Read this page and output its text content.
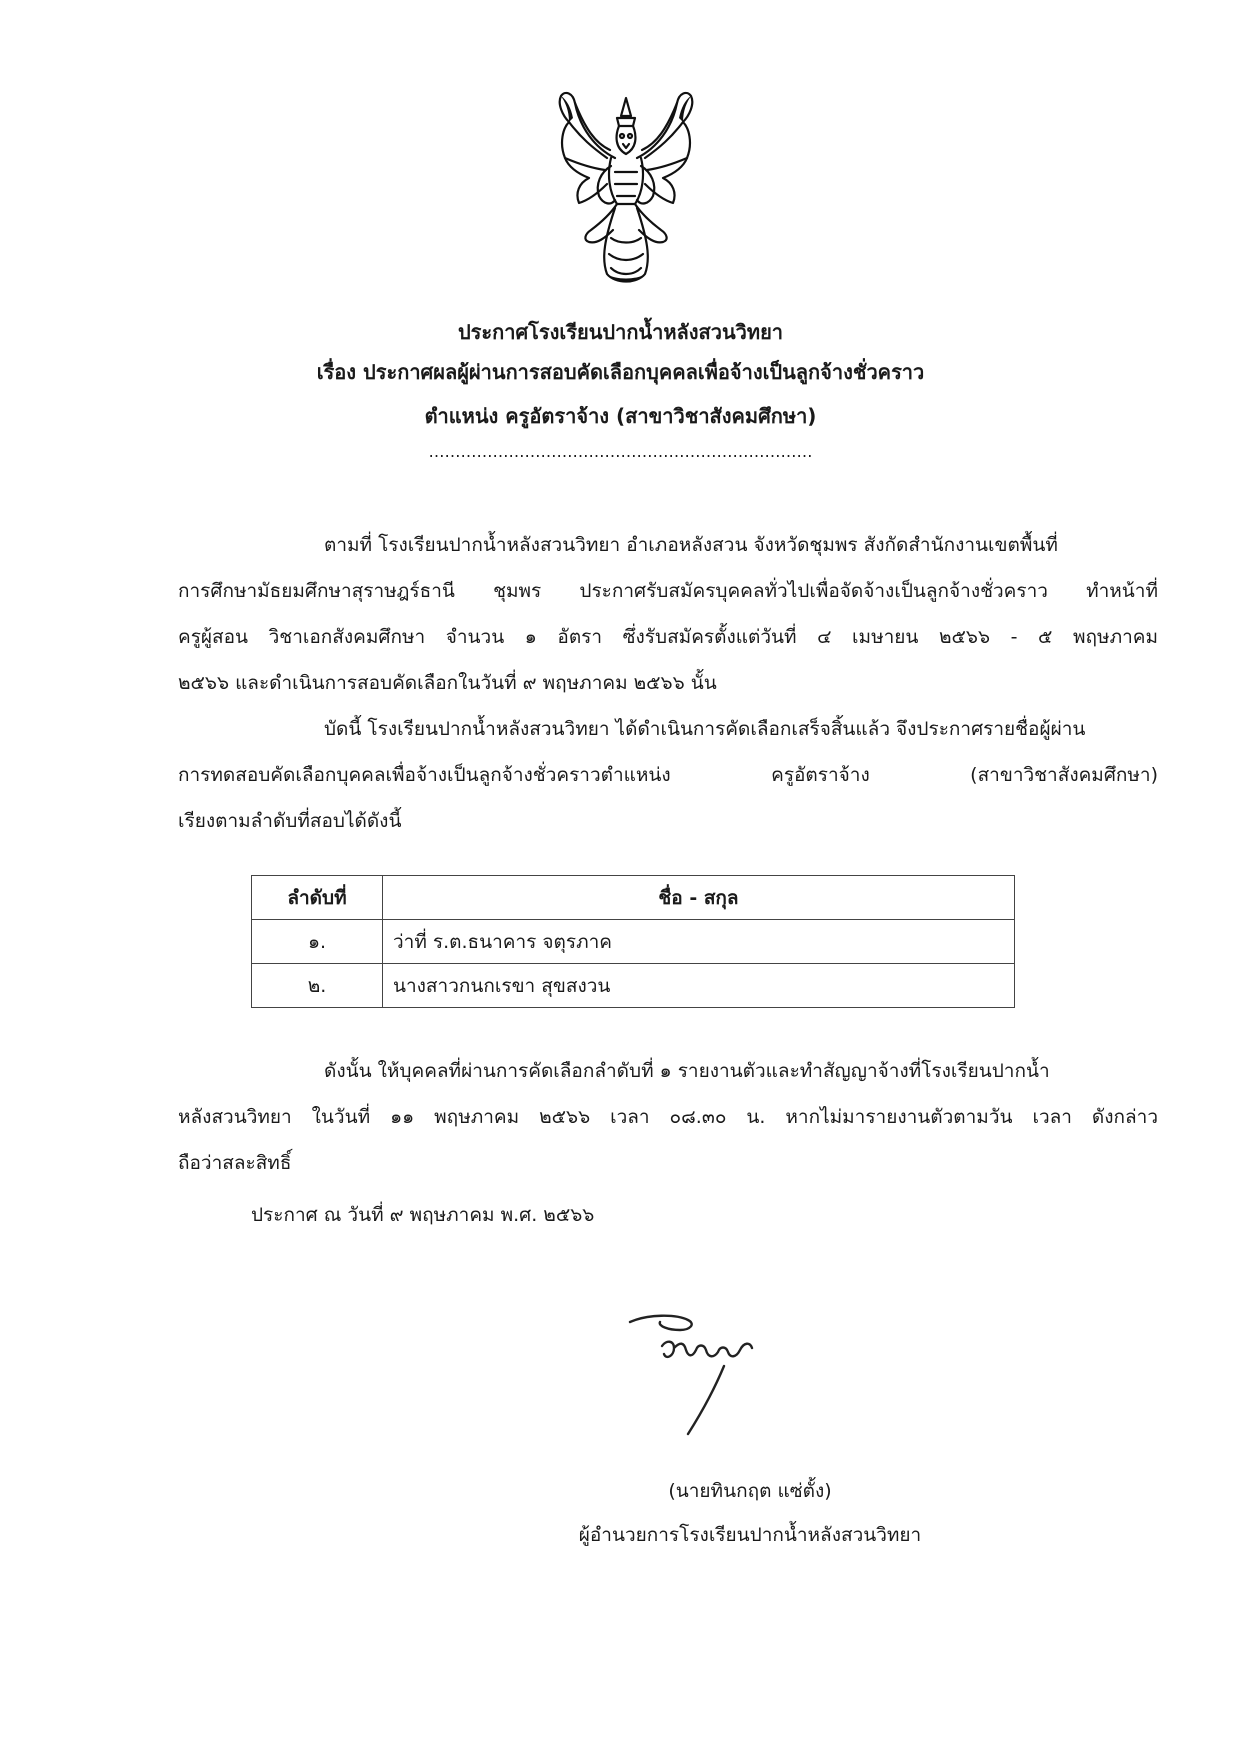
ประกาศโรงเรียนปากน้ำหลังสวนวิทยา
เรื่อง ประกาศผลผู้ผ่านการสอบคัดเลือกบุคคลเพื่อจ้างเป็นลูกจ้างชั่วคราว
ตำแหน่ง ครูอัตราจ้าง (สาขาวิชาสังคมศึกษา)
………………………………………………………………
ตามที่ โรงเรียนปากน้ำหลังสวนวิทยา อำเภอหลังสวน จังหวัดชุมพร สังกัดสำนักงานเขตพื้นที่
การศึกษามัธยมศึกษาสุราษฎร์ธานี ชุมพร ประกาศรับสมัครบุคคลทั่วไปเพื่อจัดจ้างเป็นลูกจ้างชั่วคราว ทำหน้าที่
ครูผู้สอน วิชาเอกสังคมศึกษา จำนวน ๑ อัตรา ซึ่งรับสมัครตั้งแต่วันที่ ๔ เมษายน ๒๕๖๖ - ๕ พฤษภาคม
๒๕๖๖ และดำเนินการสอบคัดเลือกในวันที่ ๙ พฤษภาคม ๒๕๖๖ นั้น
บัดนี้ โรงเรียนปากน้ำหลังสวนวิทยา ได้ดำเนินการคัดเลือกเสร็จสิ้นแล้ว จึงประกาศรายชื่อผู้ผ่าน
การทดสอบคัดเลือกบุคคลเพื่อจ้างเป็นลูกจ้างชั่วคราวตำแหน่ง ครูอัตราจ้าง (สาขาวิชาสังคมศึกษา)
เรียงตามลำดับที่สอบได้ดังนี้
ลำดับที่	ชื่อ - สกุล
๑.	ว่าที่ ร.ต.ธนาคาร จตุรภาค
๒.	นางสาวกนกเรขา สุขสงวน
ดังนั้น ให้บุคคลที่ผ่านการคัดเลือกลำดับที่ ๑ รายงานตัวและทำสัญญาจ้างที่โรงเรียนปากน้ำ
หลังสวนวิทยา ในวันที่ ๑๑ พฤษภาคม ๒๕๖๖ เวลา ๐๘.๓๐ น. หากไม่มารายงานตัวตามวัน เวลา ดังกล่าว
ถือว่าสละสิทธิ์
ประกาศ ณ วันที่ ๙ พฤษภาคม พ.ศ. ๒๕๖๖
(นายทินกฤต แซ่ตั้ง)
ผู้อำนวยการโรงเรียนปากน้ำหลังสวนวิทยา
